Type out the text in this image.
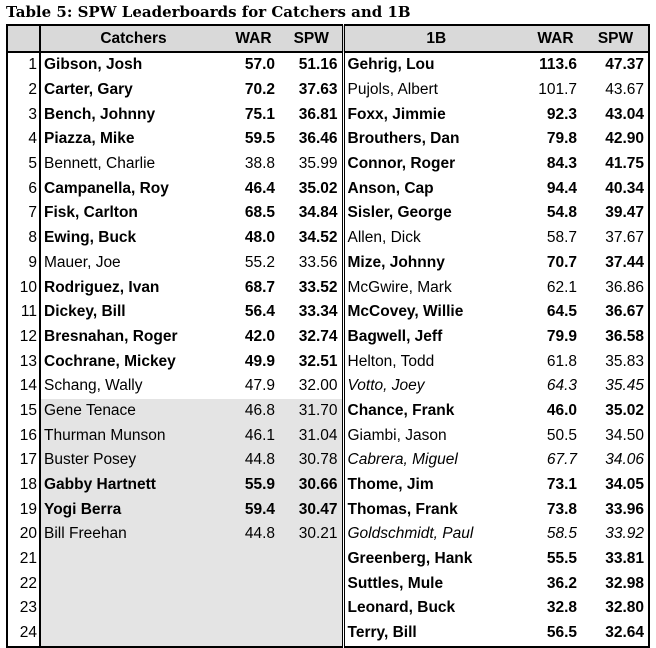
Table 5: SPW Leaderboards for Catchers and 1B
	Catchers	WAR	SPW	1B	WAR	SPW
1	Gibson, Josh	57.0	51.16	Gehrig, Lou	113.6	47.37
2	Carter, Gary	70.2	37.63	Pujols, Albert	101.7	43.67
3	Bench, Johnny	75.1	36.81	Foxx, Jimmie	92.3	43.04
4	Piazza, Mike	59.5	36.46	Brouthers, Dan	79.8	42.90
5	Bennett, Charlie	38.8	35.99	Connor, Roger	84.3	41.75
6	Campanella, Roy	46.4	35.02	Anson, Cap	94.4	40.34
7	Fisk, Carlton	68.5	34.84	Sisler, George	54.8	39.47
8	Ewing, Buck	48.0	34.52	Allen, Dick	58.7	37.67
9	Mauer, Joe	55.2	33.56	Mize, Johnny	70.7	37.44
10	Rodriguez, Ivan	68.7	33.52	McGwire, Mark	62.1	36.86
11	Dickey, Bill	56.4	33.34	McCovey, Willie	64.5	36.67
12	Bresnahan, Roger	42.0	32.74	Bagwell, Jeff	79.9	36.58
13	Cochrane, Mickey	49.9	32.51	Helton, Todd	61.8	35.83
14	Schang, Wally	47.9	32.00	Votto, Joey	64.3	35.45
15	Gene Tenace	46.8	31.70	Chance, Frank	46.0	35.02
16	Thurman Munson	46.1	31.04	Giambi, Jason	50.5	34.50
17	Buster Posey	44.8	30.78	Cabrera, Miguel	67.7	34.06
18	Gabby Hartnett	55.9	30.66	Thome, Jim	73.1	34.05
19	Yogi Berra	59.4	30.47	Thomas, Frank	73.8	33.96
20	Bill Freehan	44.8	30.21	Goldschmidt, Paul	58.5	33.92
21				Greenberg, Hank	55.5	33.81
22				Suttles, Mule	36.2	32.98
23				Leonard, Buck	32.8	32.80
24				Terry, Bill	56.5	32.64
